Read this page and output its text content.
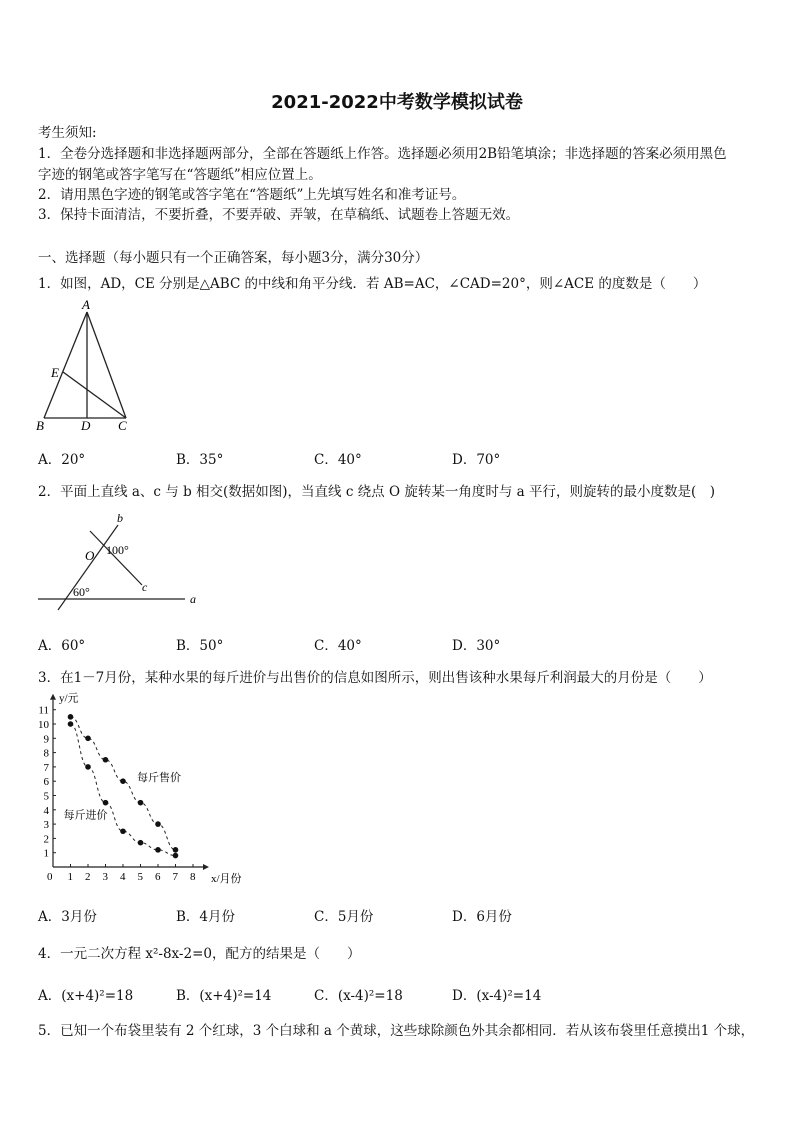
2021-2022中考数学模拟试卷
考生须知:
1．全卷分选择题和非选择题两部分，全部在答题纸上作答。选择题必须用2B铅笔填涂；非选择题的答案必须用黑色
字迹的钢笔或答字笔写在“答题纸”相应位置上。
2．请用黑色字迹的钢笔或答字笔在“答题纸”上先填写姓名和准考证号。
3．保持卡面清洁，不要折叠，不要弄破、弄皱，在草稿纸、试题卷上答题无效。
一、选择题（每小题只有一个正确答案，每小题3分，满分30分）
1．如图，AD，CE 分别是△ABC 的中线和角平分线．若 AB=AC，∠CAD=20°，则∠ACE 的度数是（　　）
A
B	C
D
E
A．20°	B．35°	C．40°	D．70°
2．平面上直线 a、c 与 b 相交(数据如图)，当直线 c 绕点 O 旋转某一角度时与 a 平行，则旋转的最小度数是(　)
b
c
a
O 100°
60°
A．60°	B．50°	C．40°	D．30°
3．在1－7月份，某种水果的每斤进价与出售价的信息如图所示，则出售该种水果每斤利润最大的月份是（　　）
0 1 2 3 4 5 6 7 8
1
2
3
4
5
6
7
8
9
10
11
x/月份
y/元
每斤售价
每斤进价
A．3月份	B．4月份	C．5月份	D．6月份
4．一元二次方程 x²-8x-2=0，配方的结果是（　　）
A．(x+4)²=18	B．(x+4)²=14	C．(x-4)²=18	D．(x-4)²=14
5．已知一个布袋里装有 2 个红球，3 个白球和 a 个黄球，这些球除颜色外其余都相同．若从该布袋里任意摸出1 个球，
